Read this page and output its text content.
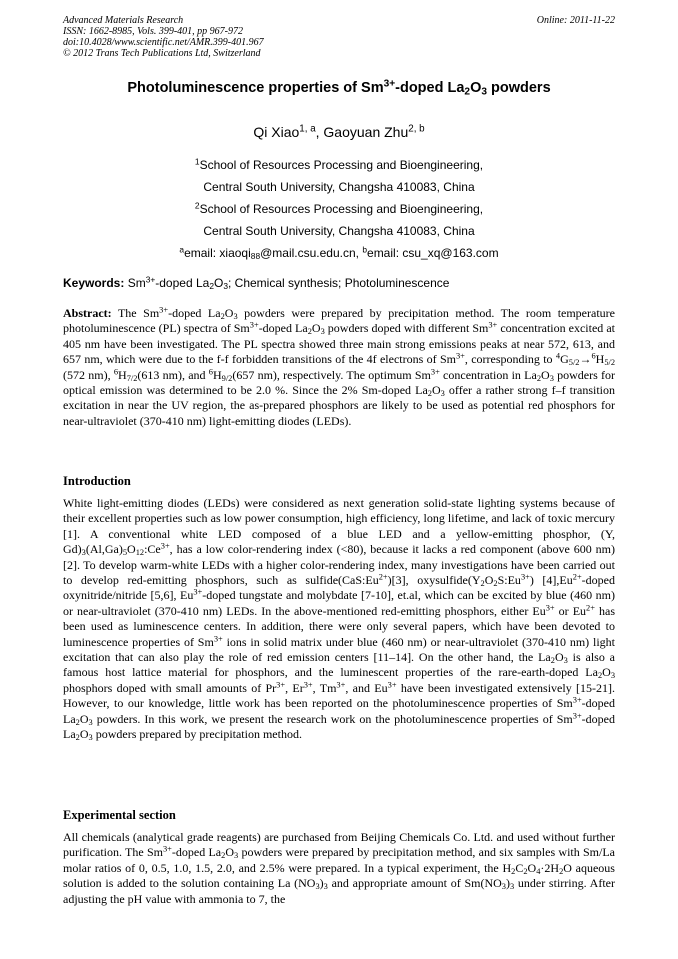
Advanced Materials Research
ISSN: 1662-8985, Vols. 399-401, pp 967-972
doi:10.4028/www.scientific.net/AMR.399-401.967
© 2012 Trans Tech Publications Ltd, Switzerland
Online: 2011-11-22
Photoluminescence properties of $Sm^{3+}$-doped $La_2O_3$ powders
Qi Xiao$^{1, a}$, Gaoyuan Zhu$^{2, b}$
$^1$School of Resources Processing and Bioengineering,
Central South University, Changsha 410083, China
$^2$School of Resources Processing and Bioengineering,
Central South University, Changsha 410083, China
$^a$email: xiaoqi$_{88}$@mail.csu.edu.cn, $^b$email: csu_xq@163.com
Keywords: $Sm^{3+}$-doped $La_2O_3$; Chemical synthesis; Photoluminescence
Abstract: The $Sm^{3+}$-doped $La_2O_3$ powders were prepared by precipitation method. The room temperature photoluminescence (PL) spectra of $Sm^{3+}$-doped $La_2O_3$ powders doped with different $Sm^{3+}$ concentration excited at 405 nm have been investigated. The PL spectra showed three main strong emissions peaks at near 572, 613, and 657 nm, which were due to the f-f forbidden transitions of the 4f electrons of $Sm^{3+}$, corresponding to $^4G_{5/2}\to^6H_{5/2}$ (572 nm), $^6H_{7/2}(613$ nm), and $^6H_{9/2}(657$ nm), respectively. The optimum $Sm^{3+}$ concentration in $La_2O_3$ powders for optical emission was determined to be 2.0 %. Since the 2% Sm-doped $La_2O_3$ offer a rather strong f–f transition excitation in near the UV region, the as-prepared phosphors are likely to be used as potential red phosphors for near-ultraviolet (370-410 nm) light-emitting diodes (LEDs).
Introduction
White light-emitting diodes (LEDs) were considered as next generation solid-state lighting systems because of their excellent properties such as low power consumption, high efficiency, long lifetime, and lack of toxic mercury [1]. A conventional white LED composed of a blue LED and a yellow-emitting phosphor, (Y, $Gd)_3(Al,Ga)_5O_{12}:Ce^{3+}$, has a low color-rendering index (<80), because it lacks a red component (above 600 nm) [2]. To develop warm-white LEDs with a higher color-rendering index, many investigations have been carried out to develop red-emitting phosphors, such as $sulfide(CaS:Eu^{2+})[3]$, $oxysulfide(Y_2O_2S:Eu^{3+})$ $[4],Eu^{2+}$-doped oxynitride/nitride [5,6], $Eu^{3+}$-doped tungstate and molybdate [7-10], et.al, which can be excited by blue (460 nm) or near-ultraviolet (370-410 nm) LEDs. In the above-mentioned red-emitting phosphors, either $Eu^{3+}$ or $Eu^{2+}$ has been used as luminescence centers. In addition, there were only several papers, which have been devoted to luminescence properties of $Sm^{3+}$ ions in solid matrix under blue (460 nm) or near-ultraviolet (370-410 nm) light excitation that can also play the role of red emission centers [11–14]. On the other hand, the $La_2O_3$ is also a famous host lattice material for phosphors, and the luminescent properties of the rare-earth-doped $La_2O_3$ phosphors doped with small amounts of $Pr^{3+}$, $Er^{3+}$, $Tm^{3+}$, and $Eu^{3+}$ have been investigated extensively [15-21]. However, to our knowledge, little work has been reported on the photoluminescence properties of $Sm^{3+}$-doped $La_2O_3$ powders. In this work, we present the research work on the photoluminescence properties of $Sm^{3+}$-doped $La_2O_3$ powders prepared by precipitation method.
Experimental section
All chemicals (analytical grade reagents) are purchased from Beijing Chemicals Co. Ltd. and used without further purification. The $Sm^{3+}$-doped $La_2O_3$ powders were prepared by precipitation method, and six samples with Sm/La molar ratios of 0, 0.5, 1.0, 1.5, 2.0, and 2.5% were prepared. In a typical experiment, the $H_2C_2O_4\cdot 2H_2O$ aqueous solution is added to the solution containing La $(NO_3)_3$ and appropriate amount of $Sm(NO_3)_3$ under stirring. After adjusting the pH value with ammonia to 7, the
